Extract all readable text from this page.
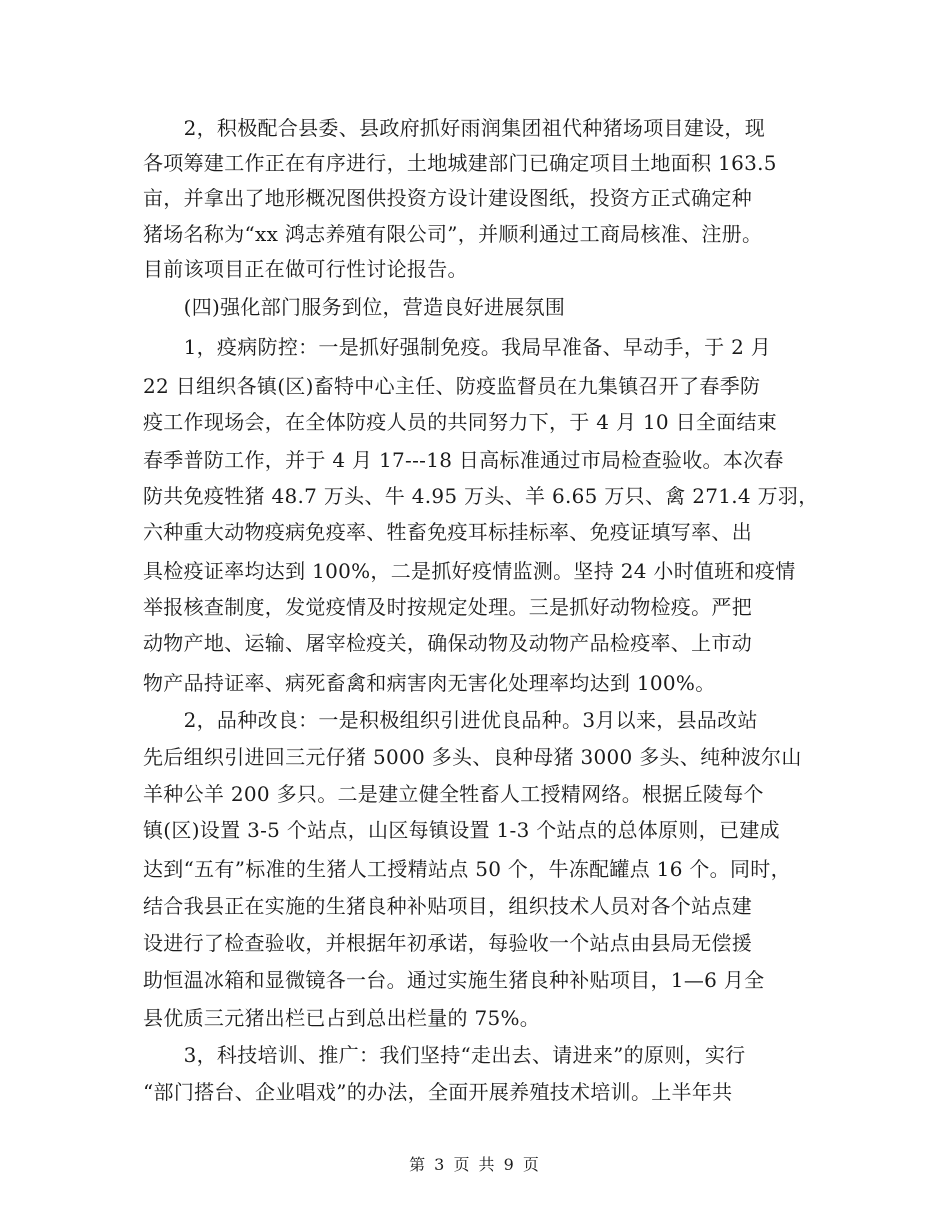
　　2，积极配合县委、县政府抓好雨润集团祖代种猪场项目建设，现
各项筹建工作正在有序进行，土地城建部门已确定项目土地面积 163.5
亩，并拿出了地形概况图供投资方设计建设图纸，投资方正式确定种
猪场名称为“xx 鸿志养殖有限公司”，并顺利通过工商局核准、注册。
目前该项目正在做可行性讨论报告。
　　(四)强化部门服务到位，营造良好进展氛围
　　1，疫病防控：一是抓好强制免疫。我局早准备、早动手，于 2 月
22 日组织各镇(区)畜特中心主任、防疫监督员在九集镇召开了春季防
疫工作现场会，在全体防疫人员的共同努力下，于 4 月 10 日全面结束
春季普防工作，并于 4 月 17---18 日高标准通过市局检查验收。本次春
防共免疫牲猪 48.7 万头、牛 4.95 万头、羊 6.65 万只、禽 271.4 万羽，
六种重大动物疫病免疫率、牲畜免疫耳标挂标率、免疫证填写率、出
具检疫证率均达到 100%，二是抓好疫情监测。坚持 24 小时值班和疫情
举报核查制度，发觉疫情及时按规定处理。三是抓好动物检疫。严把
动物产地、运输、屠宰检疫关，确保动物及动物产品检疫率、上市动
物产品持证率、病死畜禽和病害肉无害化处理率均达到 100%。
　　2，品种改良：一是积极组织引进优良品种。3月以来，县品改站
先后组织引进回三元仔猪 5000 多头、良种母猪 3000 多头、纯种波尔山
羊种公羊 200 多只。二是建立健全牲畜人工授精网络。根据丘陵每个
镇(区)设置 3-5 个站点，山区每镇设置 1-3 个站点的总体原则，已建成
达到“五有”标准的生猪人工授精站点 50 个，牛冻配罐点 16 个。同时，
结合我县正在实施的生猪良种补贴项目，组织技术人员对各个站点建
设进行了检查验收，并根据年初承诺，每验收一个站点由县局无偿援
助恒温冰箱和显微镜各一台。通过实施生猪良种补贴项目，1—6 月全
县优质三元猪出栏已占到总出栏量的 75%。
　　3，科技培训、推广：我们坚持“走出去、请进来”的原则，实行
“部门搭台、企业唱戏”的办法，全面开展养殖技术培训。上半年共
第 3 页 共 9 页
